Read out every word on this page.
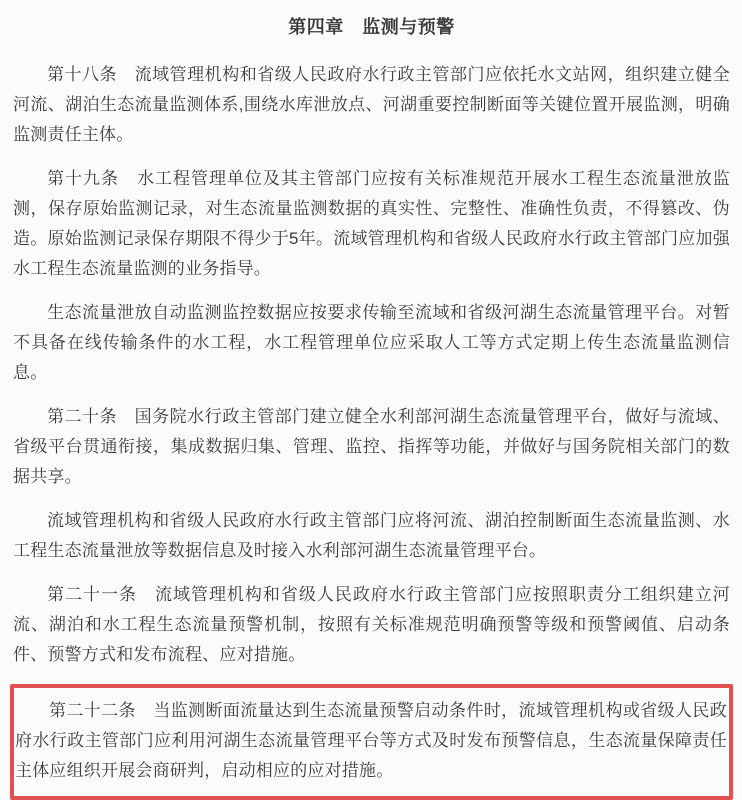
第四章　监测与预警

第十八条　流域管理机构和省级人民政府水行政主管部门应依托水文站网，组织建立健全河流、湖泊生态流量监测体系,围绕水库泄放点、河湖重要控制断面等关键位置开展监测，明确监测责任主体。

第十九条　水工程管理单位及其主管部门应按有关标准规范开展水工程生态流量泄放监测，保存原始监测记录，对生态流量监测数据的真实性、完整性、准确性负责，不得篡改、伪造。原始监测记录保存期限不得少于5年。流域管理机构和省级人民政府水行政主管部门应加强水工程生态流量监测的业务指导。

生态流量泄放自动监测监控数据应按要求传输至流域和省级河湖生态流量管理平台。对暂不具备在线传输条件的水工程，水工程管理单位应采取人工等方式定期上传生态流量监测信息。

第二十条　国务院水行政主管部门建立健全水利部河湖生态流量管理平台，做好与流域、省级平台贯通衔接，集成数据归集、管理、监控、指挥等功能，并做好与国务院相关部门的数据共享。

流域管理机构和省级人民政府水行政主管部门应将河流、湖泊控制断面生态流量监测、水工程生态流量泄放等数据信息及时接入水利部河湖生态流量管理平台。

第二十一条　流域管理机构和省级人民政府水行政主管部门应按照职责分工组织建立河流、湖泊和水工程生态流量预警机制，按照有关标准规范明确预警等级和预警阈值、启动条件、预警方式和发布流程、应对措施。

第二十二条　当监测断面流量达到生态流量预警启动条件时，流域管理机构或省级人民政府水行政主管部门应利用河湖生态流量管理平台等方式及时发布预警信息，生态流量保障责任主体应组织开展会商研判，启动相应的应对措施。
